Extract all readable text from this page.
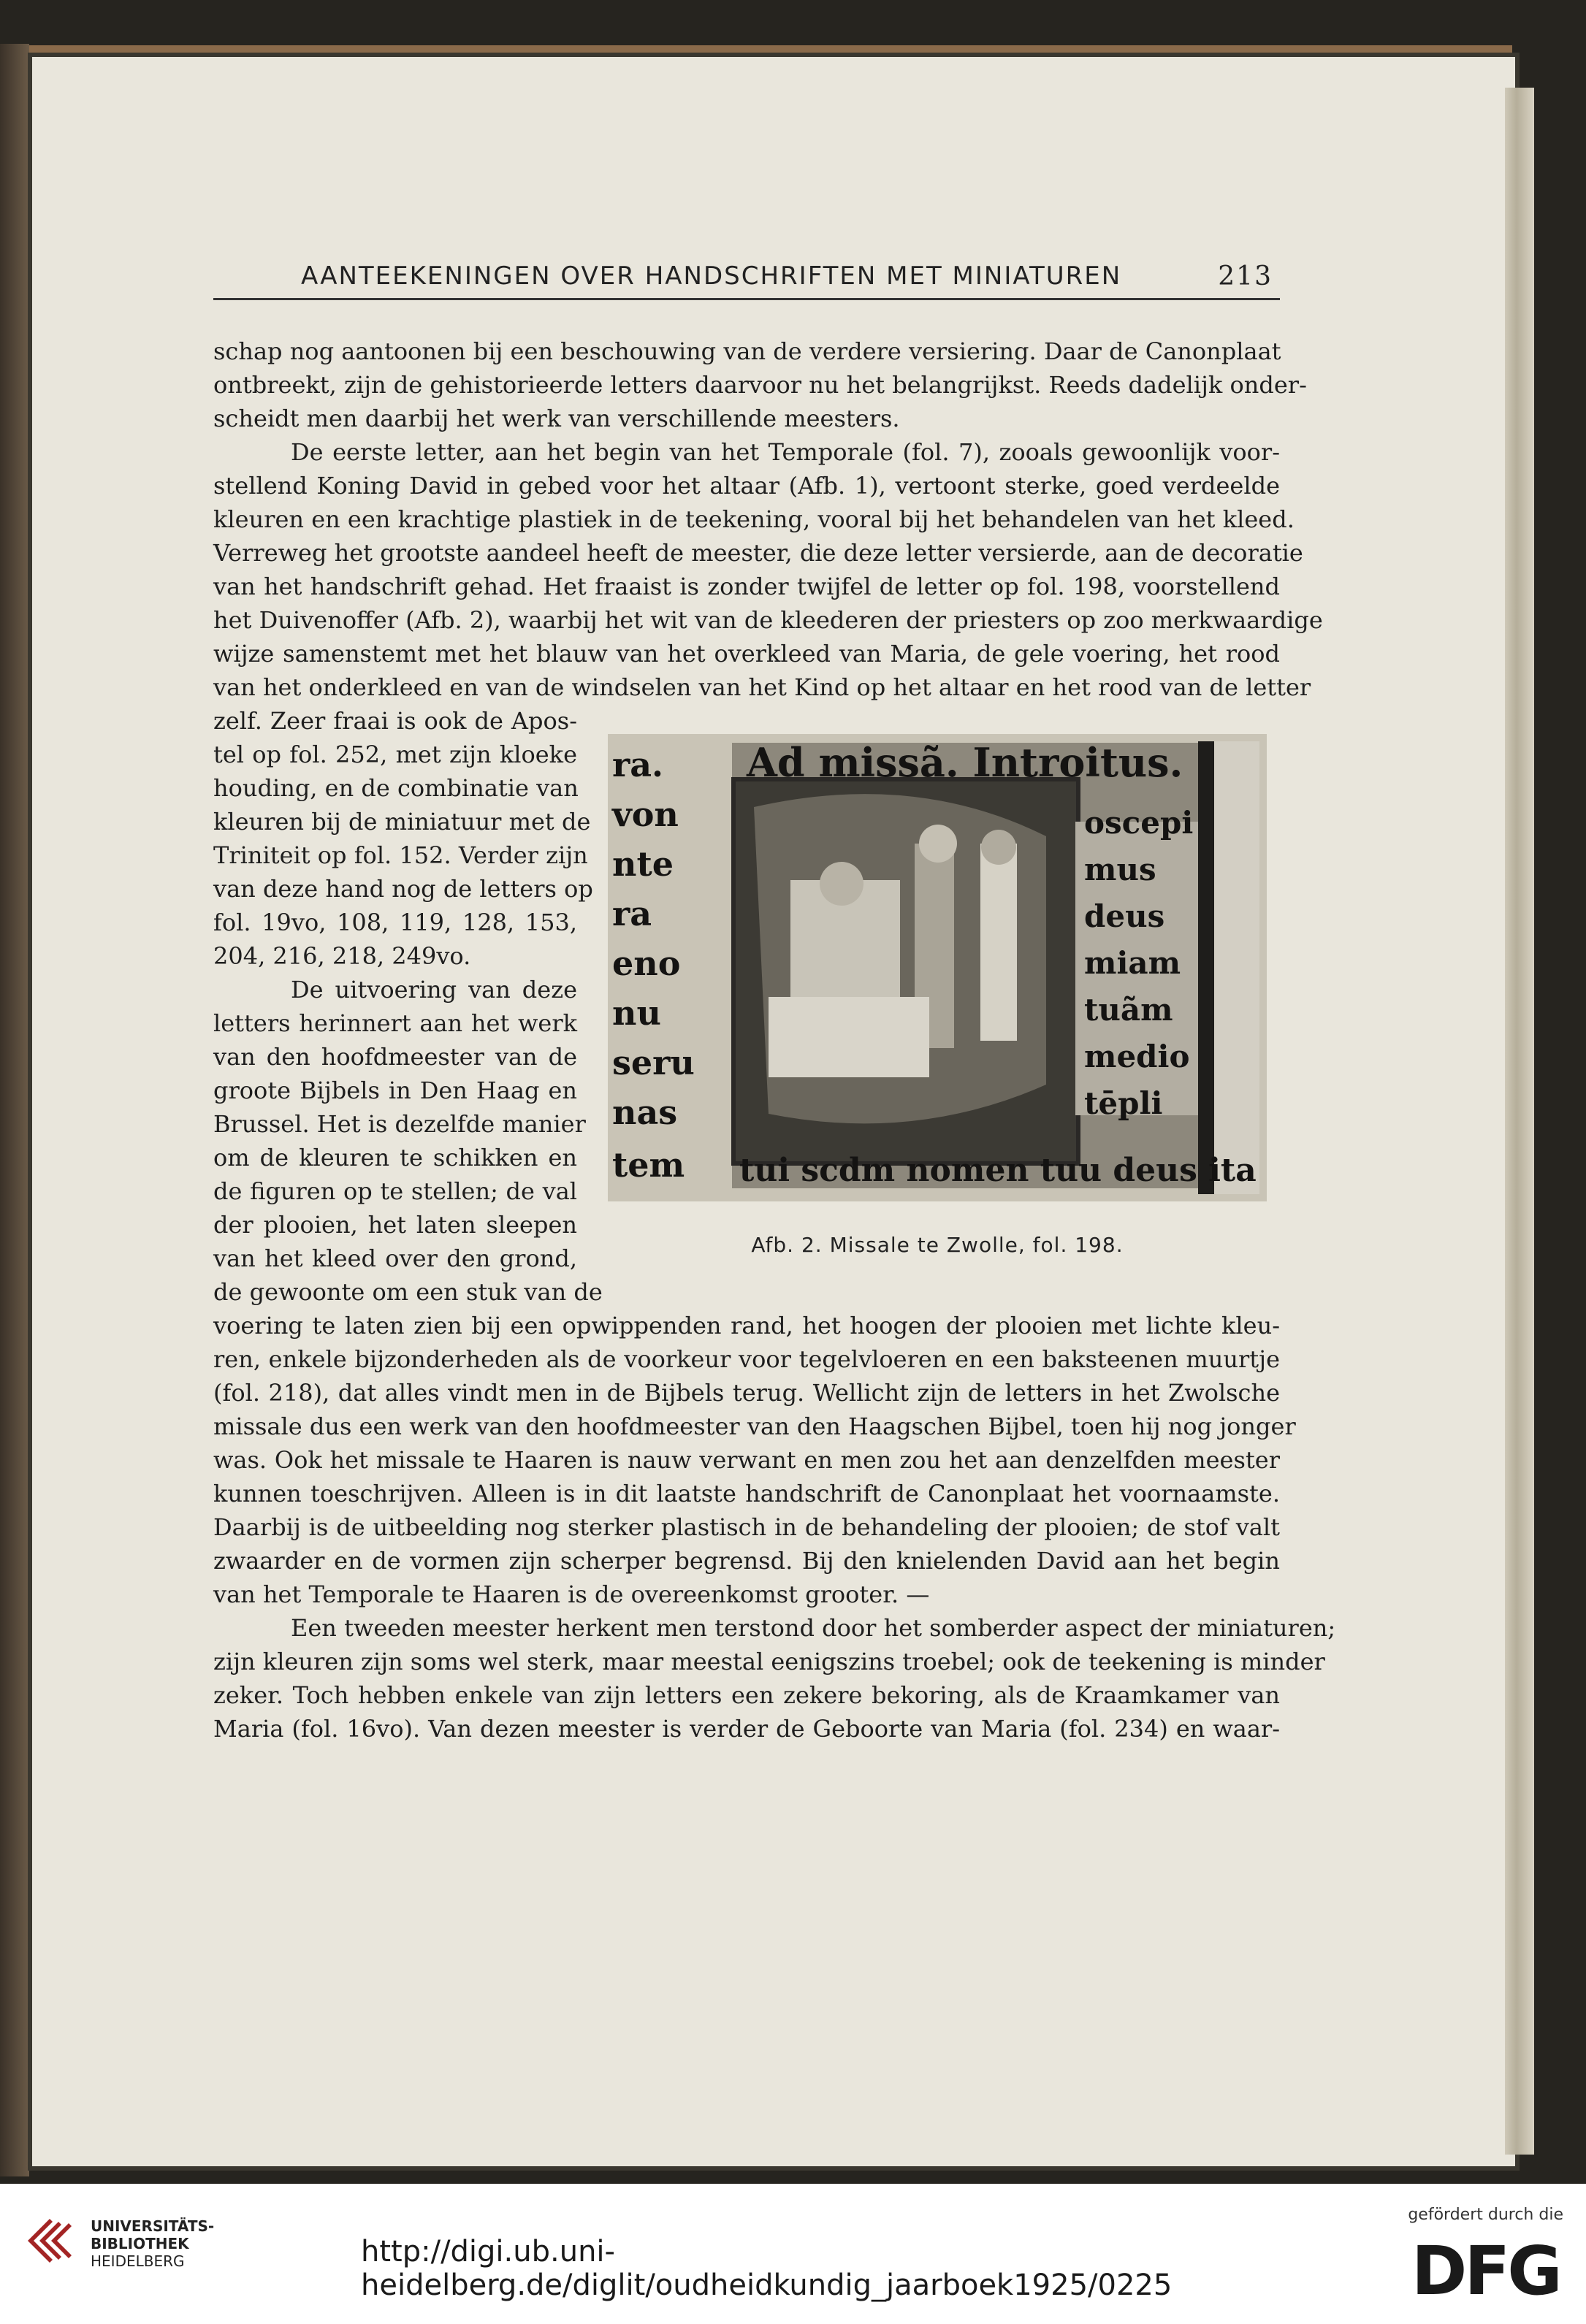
AANTEEKENINGEN OVER HANDSCHRIFTEN MET MINIATUREN	213
schap nog aantoonen bij een beschouwing van de verdere versiering. Daar de Canonplaat
ontbreekt, zijn de gehistorieerde letters daarvoor nu het belangrijkst. Reeds dadelijk onder-
scheidt men daarbij het werk van verschillende meesters.
De eerste letter, aan het begin van het Temporale (fol. 7), zooals gewoonlijk voor-
stellend Koning David in gebed voor het altaar (Afb. 1), vertoont sterke, goed verdeelde
kleuren en een krachtige plastiek in de teekening, vooral bij het behandelen van het kleed.
Verreweg het grootste aandeel heeft de meester, die deze letter versierde, aan de decoratie
van het handschrift gehad. Het fraaist is zonder twijfel de letter op fol. 198, voorstellend
het Duivenoffer (Afb. 2), waarbij het wit van de kleederen der priesters op zoo merkwaardige
wijze samenstemt met het blauw van het overkleed van Maria, de gele voering, het rood
van het onderkleed en van de windselen van het Kind op het altaar en het rood van de letter
zelf. Zeer fraai is ook de Apos-
tel op fol. 252, met zijn kloeke
houding, en de combinatie van
kleuren bij de miniatuur met de
Triniteit op fol. 152. Verder zijn
van deze hand nog de letters op
fol. 19vo, 108, 119, 128, 153,
204, 216, 218, 249vo.
De uitvoering van deze
letters herinnert aan het werk
van den hoofdmeester van de
groote Bijbels in Den Haag en
Brussel. Het is dezelfde manier
om de kleuren te schikken en
de figuren op te stellen; de val
der plooien, het laten sleepen
van het kleed over den grond,
de gewoonte om een stuk van de
voering te laten zien bij een opwippenden rand, het hoogen der plooien met lichte kleu-
ren, enkele bijzonderheden als de voorkeur voor tegelvloeren en een baksteenen muurtje
(fol. 218), dat alles vindt men in de Bijbels terug. Wellicht zijn de letters in het Zwolsche
missale dus een werk van den hoofdmeester van den Haagschen Bijbel, toen hij nog jonger
was. Ook het missale te Haaren is nauw verwant en men zou het aan denzelfden meester
kunnen toeschrijven. Alleen is in dit laatste handschrift de Canonplaat het voornaamste.
Daarbij is de uitbeelding nog sterker plastisch in de behandeling der plooien; de stof valt
zwaarder en de vormen zijn scherper begrensd. Bij den knielenden David aan het begin
van het Temporale te Haaren is de overeenkomst grooter. —
Een tweeden meester herkent men terstond door het somberder aspect der miniaturen;
zijn kleuren zijn soms wel sterk, maar meestal eenigszins troebel; ook de teekening is minder
zeker. Toch hebben enkele van zijn letters een zekere bekoring, als de Kraamkamer van
Maria (fol. 16vo). Van dezen meester is verder de Geboorte van Maria (fol. 234) en waar-
Ad missã. Introitus.
tui scdm nomen tuu deus ita et
ra.
von
nte
ra
eno
nu
seru
nas
tem
oscepi
mus
deus
miam
tuãm
medio
tēpli
Afb. 2. Missale te Zwolle, fol. 198.
UNIVERSITÄTS-
BIBLIOTHEK
HEIDELBERG	http://digi.ub.uni-heidelberg.de/diglit/oudheidkundig_jaarboek1925/0225
gefördert durch die
DFG
